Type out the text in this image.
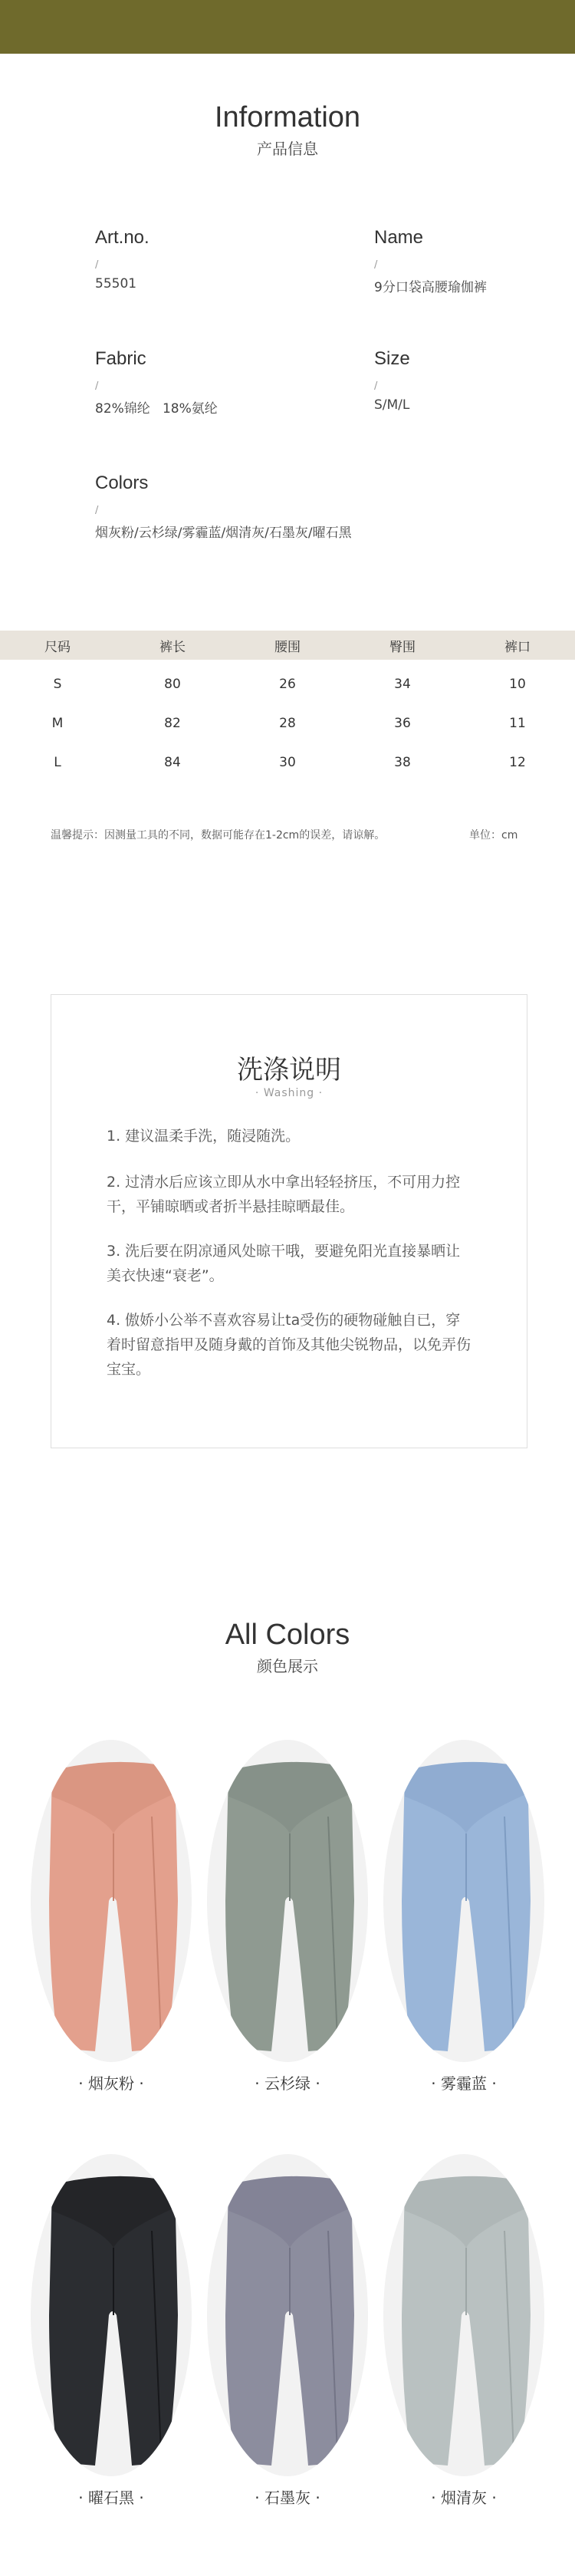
Information
产品信息
Art.no.
/
55501
Name
/
9分口袋高腰瑜伽裤
Fabric
/
82%锦纶   18%氨纶
Size
/
S/M/L
Colors
/
烟灰粉/云杉绿/雾霾蓝/烟清灰/石墨灰/曜石黑
尺码	裤长	腰围	臀围	裤口
S	80	26	34	10
M	82	28	36	11
L	84	30	38	12
温馨提示：因测量工具的不同，数据可能存在1-2cm的误差，请谅解。	单位：cm
洗涤说明
· Washing ·
1. 建议温柔手洗，随浸随洗。
2. 过清水后应该立即从水中拿出轻轻挤压，不可用力控干，平铺晾晒或者折半悬挂晾晒最佳。
3. 洗后要在阴凉通风处晾干哦，要避免阳光直接暴晒让美衣快速“衰老”。
4. 傲娇小公举不喜欢容易让ta受伤的硬物碰触自已，穿着时留意指甲及随身戴的首饰及其他尖锐物品，以免弄伤宝宝。
All Colors
颜色展示
· 烟灰粉 ·	· 云杉绿 ·	· 雾霾蓝 ·
· 曜石黑 ·	· 石墨灰 ·	· 烟清灰 ·
